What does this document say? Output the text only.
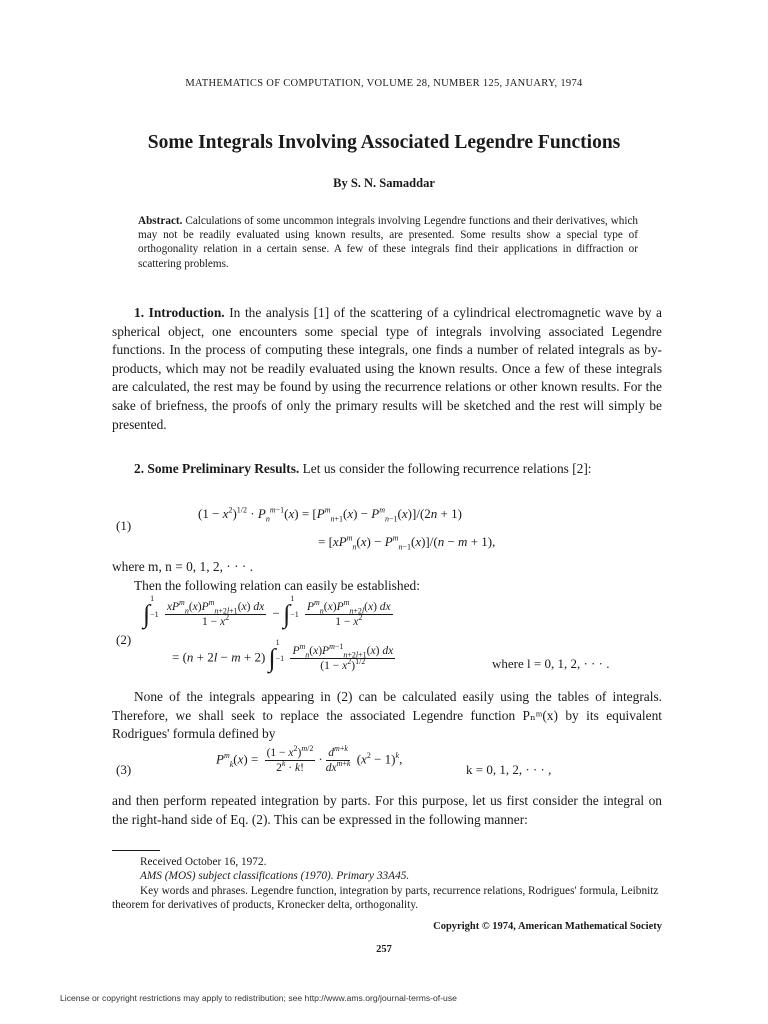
MATHEMATICS OF COMPUTATION, VOLUME 28, NUMBER 125, JANUARY, 1974
Some Integrals Involving Associated Legendre Functions
By S. N. Samaddar
Abstract. Calculations of some uncommon integrals involving Legendre functions and their derivatives, which may not be readily evaluated using known results, are presented. Some results show a special type of orthogonality relation in a certain sense. A few of these integrals find their applications in diffraction or scattering problems.

1. Introduction. In the analysis [1] of the scattering of a cylindrical electromagnetic wave by a spherical object, one encounters some special type of integrals involving associated Legendre functions. In the process of computing these integrals, one finds a number of related integrals as by-products, which may not be readily evaluated using the known results. Once a few of these integrals are calculated, the rest may be found by using the recurrence relations or other known results. For the sake of briefness, the proofs of only the primary results will be sketched and the rest will simply be presented.

2. Some Preliminary Results. Let us consider the following recurrence relations [2]:

(1)
$(1 - x^2)^{1/2} \cdot P_n^{m-1}(x) = [P^m_{n+1}(x) - P^m_{n-1}(x)]/(2n + 1)$
= $[xP^m_n(x) - P^m_{n-1}(x)]/(n - m + 1)$,

where m, n = 0, 1, 2, · · · .

Then the following relation can easily be established:

(2)
∫1

$-1 \frac{xP^m_n(x)P^m_{n+2l+1}(x) dx}{1 - x^2} - \int 1$

$-1 \frac{P^m_n(x)P^m_{n+2l}(x) dx}{1 - x^2}$
= (n + 2l − m + 2) ∫1

$-1 \frac{P^m_n(x)P^{m-1}_{n+2l+1}(x) dx}{(1 - x^2)^{1/2}}$	where l = 0, 1, 2, · · · .

None of the integrals appearing in (2) can be calculated easily using the tables of integrals. Therefore, we shall seek to replace the associated Legendre function Pₙᵐ(x) by its equivalent Rodrigues' formula defined by

(3)
$P^m_k(x) = \frac{(1 - x^2)^{m/2}}{2^k \cdot k!} \cdot \frac{d^{m+k}}{dx^{m+k}} (x^2 - 1)^k$,
k = 0, 1, 2, · · · ,

and then perform repeated integration by parts. For this purpose, let us first consider the integral on the right-hand side of Eq. (2). This can be expressed in the following manner:

Received October 16, 1972.

AMS (MOS) subject classifications (1970). Primary 33A45.

Key words and phrases. Legendre function, integration by parts, recurrence relations, Rodrigues' formula, Leibnitz theorem for derivatives of products, Kronecker delta, orthogonality.

Copyright © 1974, American Mathematical Society
257
License or copyright restrictions may apply to redistribution; see http://www.ams.org/journal-terms-of-use
